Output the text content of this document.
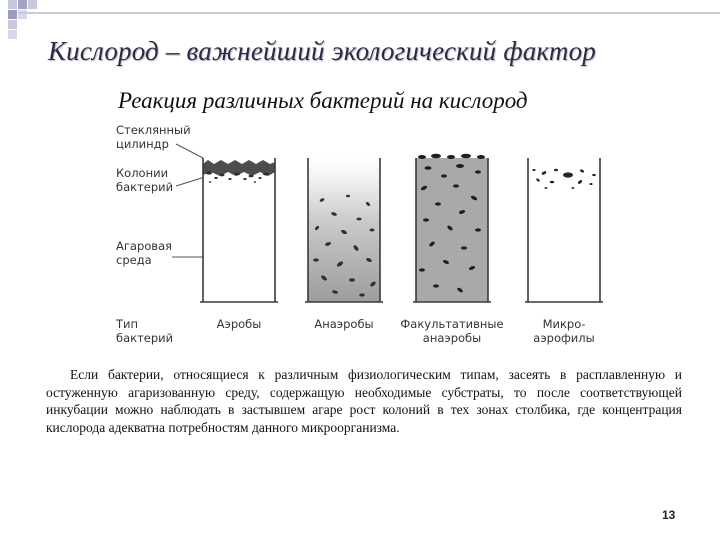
Кислород – важнейший экологический фактор
Реакция различных бактерий на кислород
Стеклянный
цилиндр
Колонии
бактерий
Агаровая
среда
Тип
бактерий
Аэробы	Анаэробы Факультативные
анаэробы
Микро-
аэрофилы
Если бактерии, относящиеся к различным физиологическим типам, засеять в расплавленную и остуженную агаризованную среду, содержащую необходимые субстраты, то после соответствующей инкубации можно наблюдать в застывшем агаре рост колоний в тех зонах столбика, где концентрация кислорода адекватна потребностям данного микроорганизма.
13
